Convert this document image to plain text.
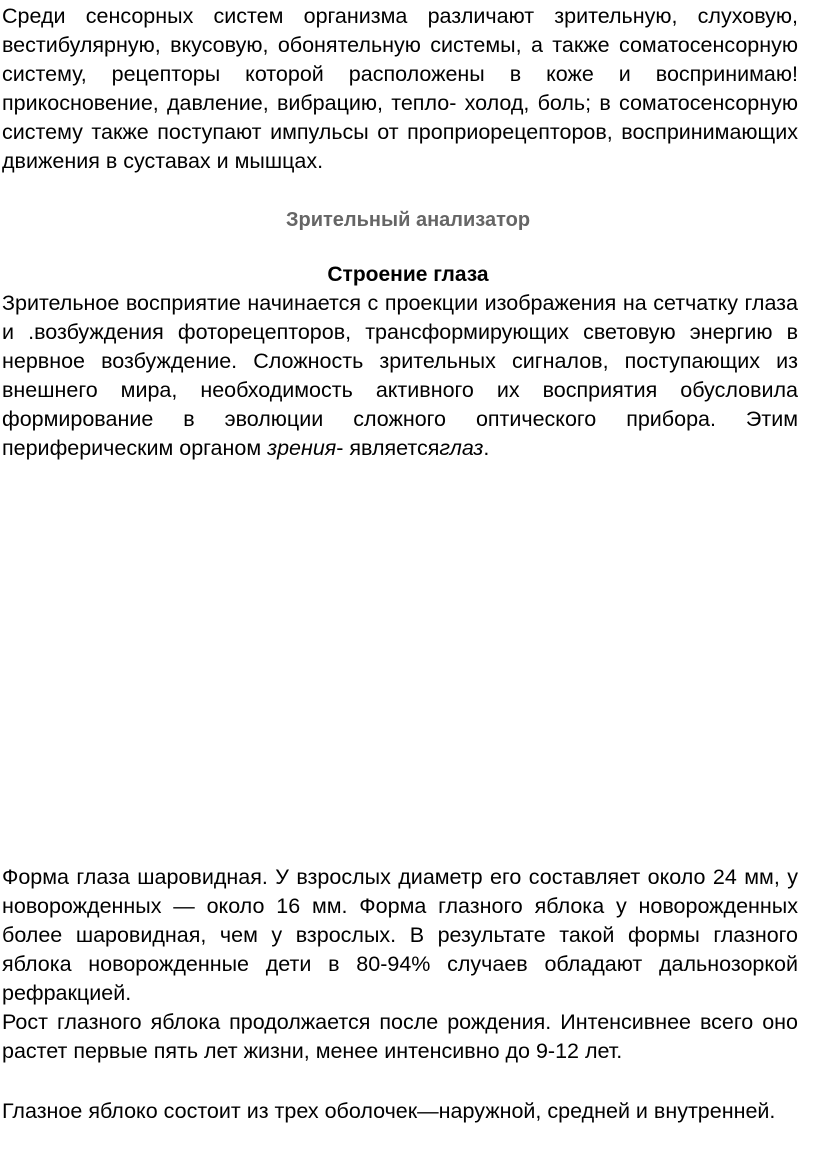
Среди сенсорных систем организма различают зрительную, слуховую, вестибулярную, вкусовую, обонятельную системы, а также соматосенсорную систему, рецепторы которой расположены в коже и воспринимаю! прикосновение, давление, вибрацию, тепло- холод, боль; в соматосенсорную систему также поступают импульсы от проприорецепторов, воспринимающих движения в суставах и мышцах.

Зрительный анализатор
Строение глаза

Зрительное восприятие начинается с проекции изображения на сетчатку глаза и .возбуждения фоторецепторов, трансформирующих световую энергию в нервное возбуждение. Сложность зрительных сигналов, поступающих из внешнего мира, необходимость активного их восприятия обусловила формирование в эволюции сложного оптического прибора. Этим периферическим органом зрения- являетсяглаз.

Форма глаза шаровидная. У взрослых диаметр его составляет около 24 мм, у новорожденных — около 16 мм. Форма глазного яблока у новорожденных более шаровидная, чем у взрослых. В результате такой формы глазного яблока новорожденные дети в 80-94% случаев обладают дальнозоркой рефракцией.

Рост глазного яблока продолжается после рождения. Интенсивнее всего оно растет первые пять лет жизни, менее интенсивно до 9-12 лет.

Глазное яблоко состоит из трех оболочек—наружной, средней и внутренней.
